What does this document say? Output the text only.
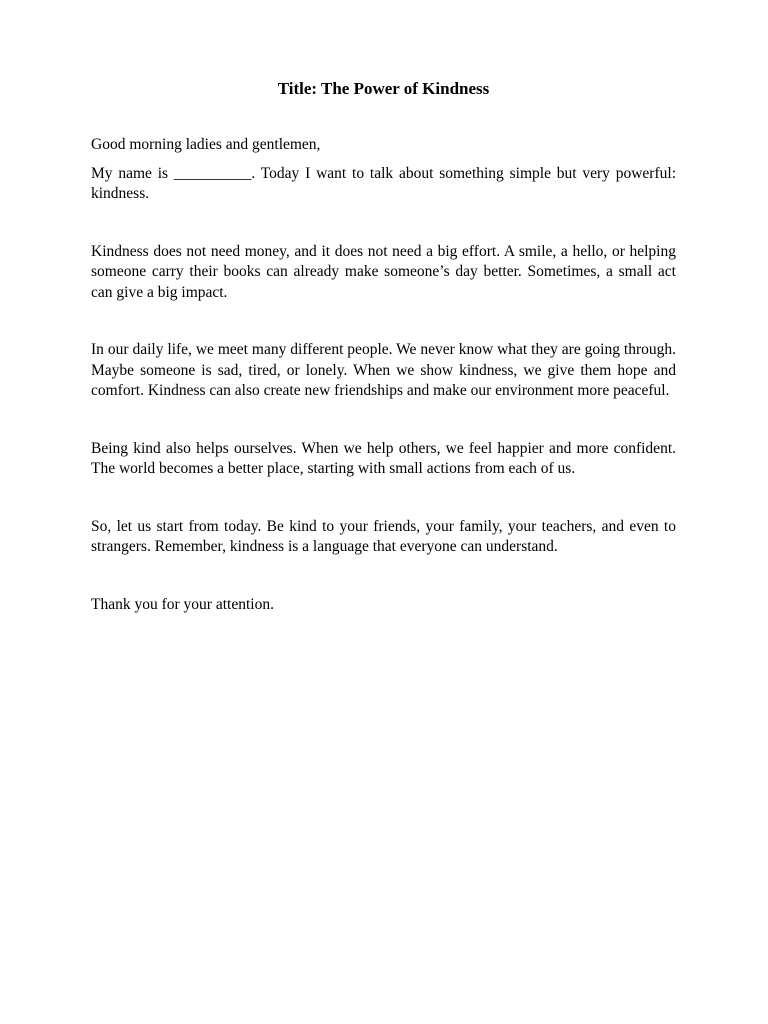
Title: The Power of Kindness

Good morning ladies and gentlemen,

My name is __________. Today I want to talk about something simple but very powerful: kindness.

Kindness does not need money, and it does not need a big effort. A smile, a hello, or helping someone carry their books can already make someone’s day better. Sometimes, a small act can give a big impact.

In our daily life, we meet many different people. We never know what they are going through. Maybe someone is sad, tired, or lonely. When we show kindness, we give them hope and comfort. Kindness can also create new friendships and make our environment more peaceful.

Being kind also helps ourselves. When we help others, we feel happier and more confident. The world becomes a better place, starting with small actions from each of us.

So, let us start from today. Be kind to your friends, your family, your teachers, and even to strangers. Remember, kindness is a language that everyone can understand.

Thank you for your attention.
